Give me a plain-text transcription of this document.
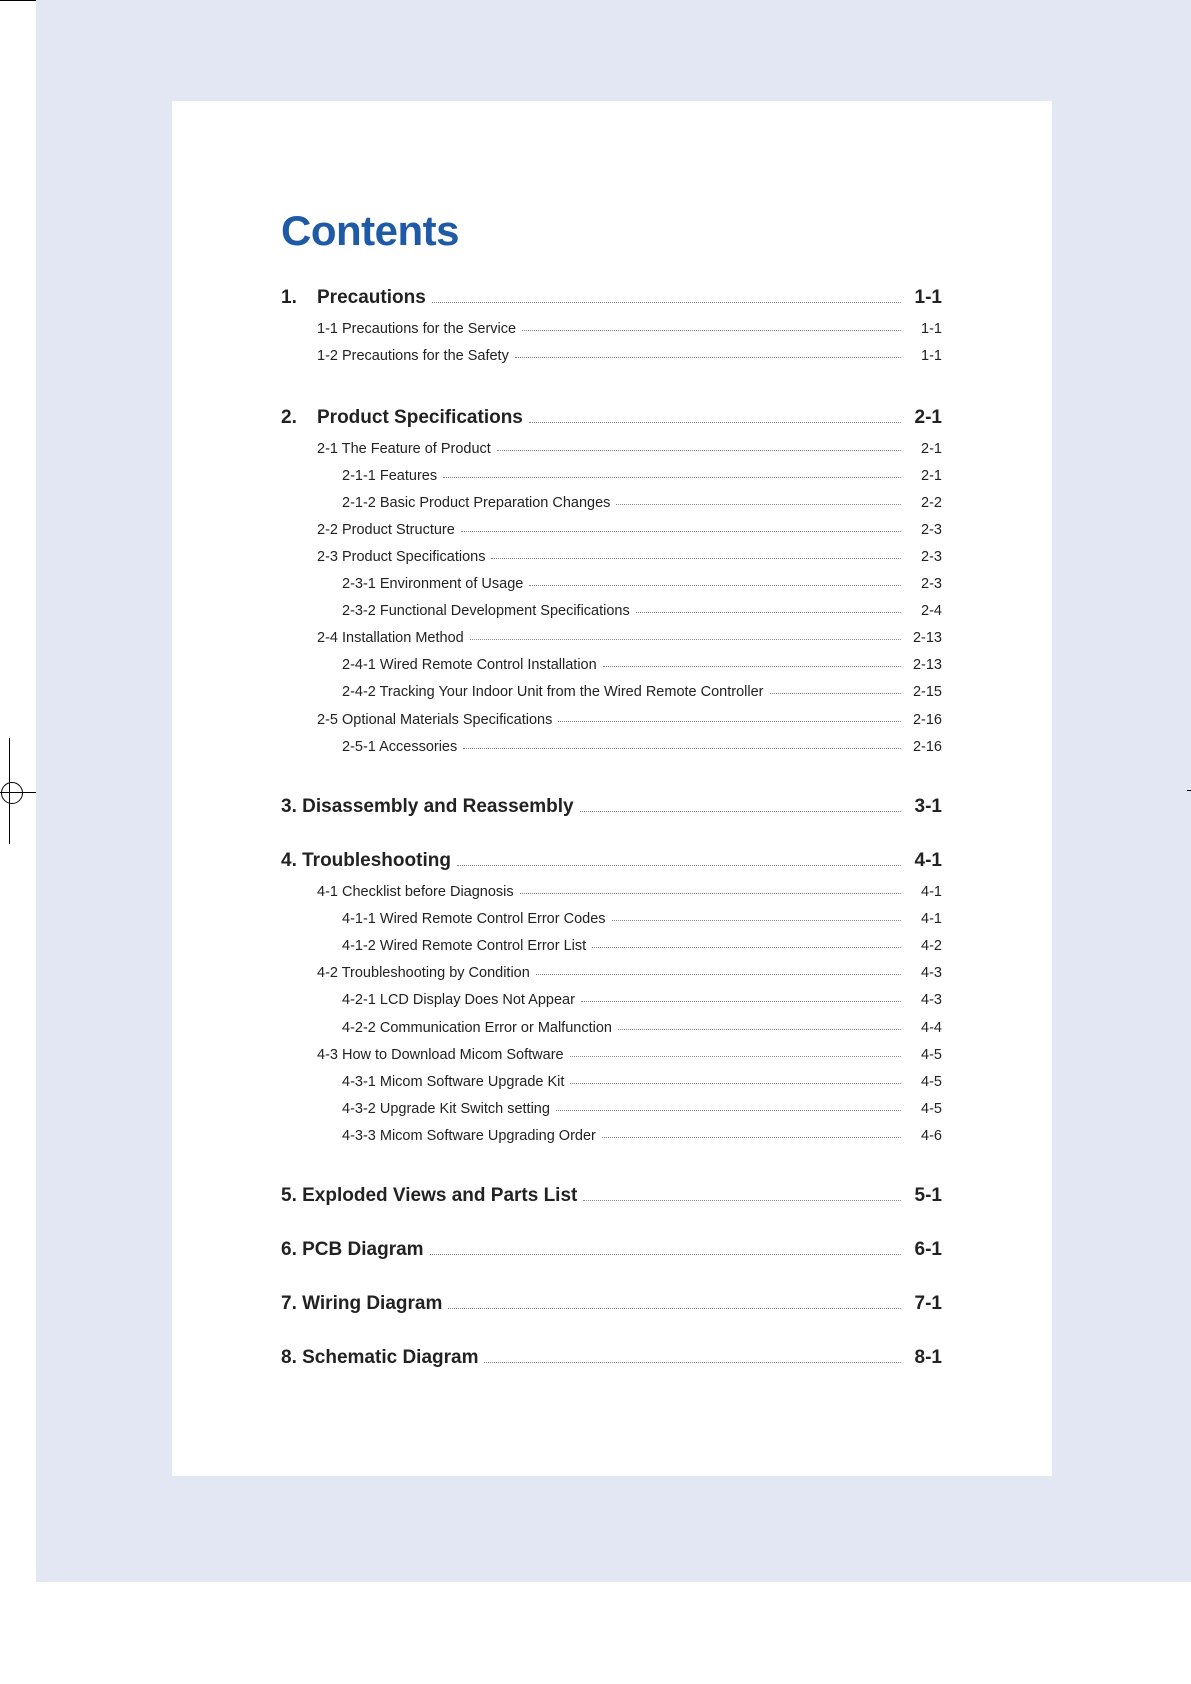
Contents
1.	Precautions	1-1
1-1 Precautions for the Service	1-1
1-2 Precautions for the Safety	1-1
2.	Product Specifications	2-1
2-1 The Feature of Product	2-1
2-1-1 Features	2-1
2-1-2 Basic Product Preparation Changes	2-2
2-2 Product Structure	2-3
2-3 Product Specifications	2-3
2-3-1 Environment of Usage	2-3
2-3-2 Functional Development Specifications	2-4
2-4 Installation Method	2-13
2-4-1 Wired Remote Control Installation	2-13
2-4-2 Tracking Your Indoor Unit from the Wired Remote Controller	2-15
2-5 Optional Materials Specifications	2-16
2-5-1 Accessories	2-16
3. Disassembly and Reassembly	3-1
4. Troubleshooting	4-1
4-1 Checklist before Diagnosis	4-1
4-1-1 Wired Remote Control Error Codes	4-1
4-1-2 Wired Remote Control Error List	4-2
4-2 Troubleshooting by Condition	4-3
4-2-1 LCD Display Does Not Appear	4-3
4-2-2 Communication Error or Malfunction	4-4
4-3 How to Download Micom Software	4-5
4-3-1 Micom Software Upgrade Kit	4-5
4-3-2 Upgrade Kit Switch setting	4-5
4-3-3 Micom Software Upgrading Order	4-6
5. Exploded Views and Parts List	5-1
6. PCB Diagram	6-1
7. Wiring Diagram	7-1
8. Schematic Diagram	8-1
